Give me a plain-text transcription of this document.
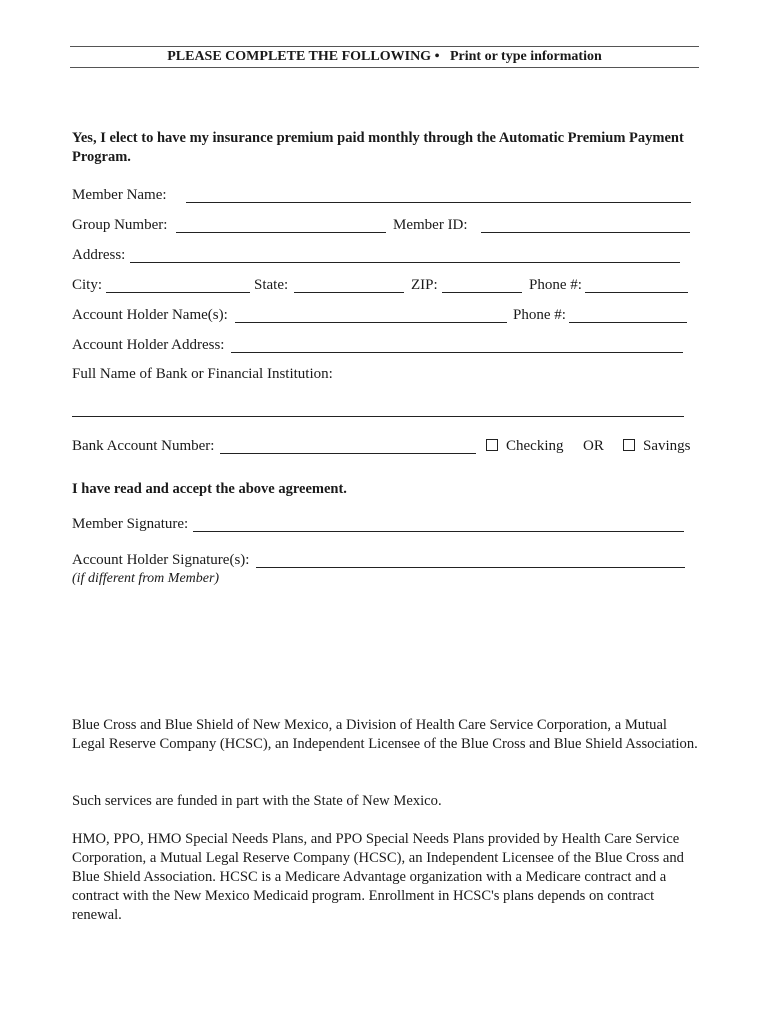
PLEASE COMPLETE THE FOLLOWING • Print or type information
Yes, I elect to have my insurance premium paid monthly through the Automatic Premium Payment Program.
Member Name:
Group Number:	Member ID:
Address:
City:	State:	ZIP:	Phone #:
Account Holder Name(s):	Phone #:
Account Holder Address:
Full Name of Bank or Financial Institution:
Bank Account Number:	Checking OR	Savings
I have read and accept the above agreement.
Member Signature:
Account Holder Signature(s):
(if different from Member)
Blue Cross and Blue Shield of New Mexico, a Division of Health Care Service Corporation, a Mutual Legal Reserve Company (HCSC), an Independent Licensee of the Blue Cross and Blue Shield Association.
Such services are funded in part with the State of New Mexico.
HMO, PPO, HMO Special Needs Plans, and PPO Special Needs Plans provided by Health Care Service Corporation, a Mutual Legal Reserve Company (HCSC), an Independent Licensee of the Blue Cross and Blue Shield Association. HCSC is a Medicare Advantage organization with a Medicare contract and a contract with the New Mexico Medicaid program. Enrollment in HCSC's plans depends on contract renewal.
